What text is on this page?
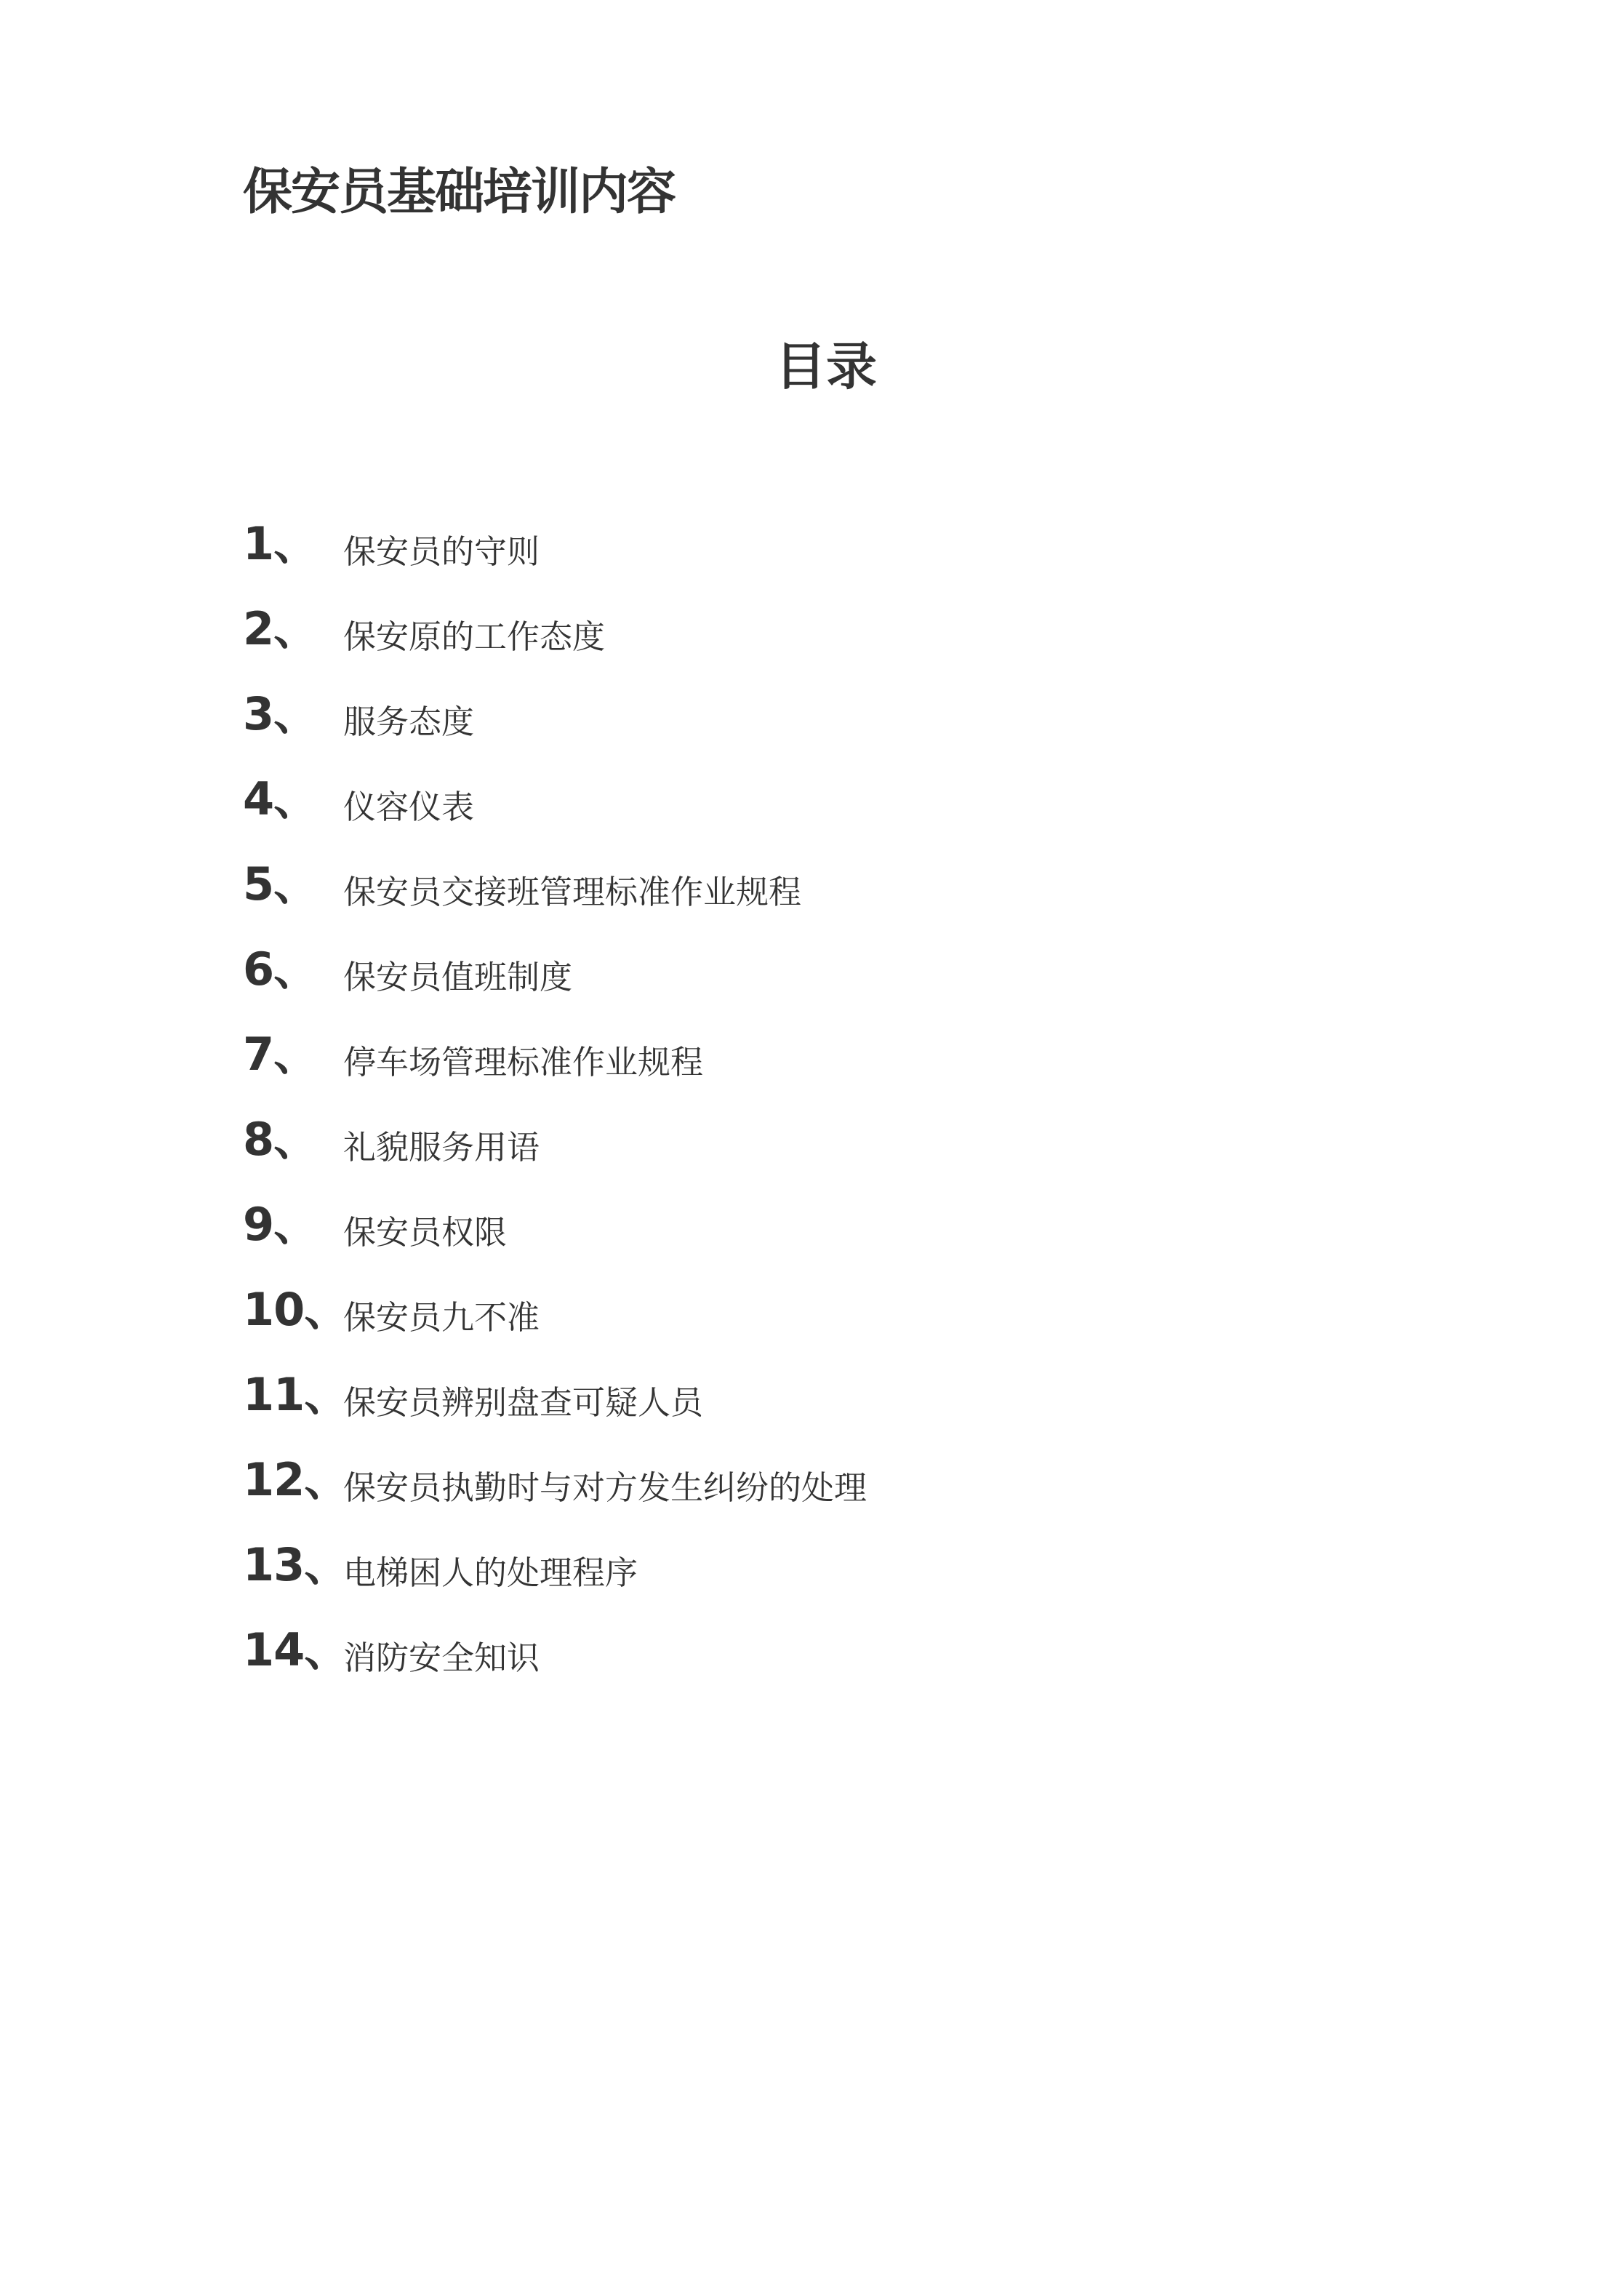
保安员基础培训内容
目录
1、 保安员的守则
2、 保安原的工作态度
3、 服务态度
4、 仪容仪表
5、 保安员交接班管理标准作业规程
6、 保安员值班制度
7、 停车场管理标准作业规程
8、 礼貌服务用语
9、 保安员权限
10、
保安员九不准
11、
保安员辨别盘查可疑人员
12、
保安员执勤时与对方发生纠纷的处理
13、
电梯困人的处理程序
14、
消防安全知识
